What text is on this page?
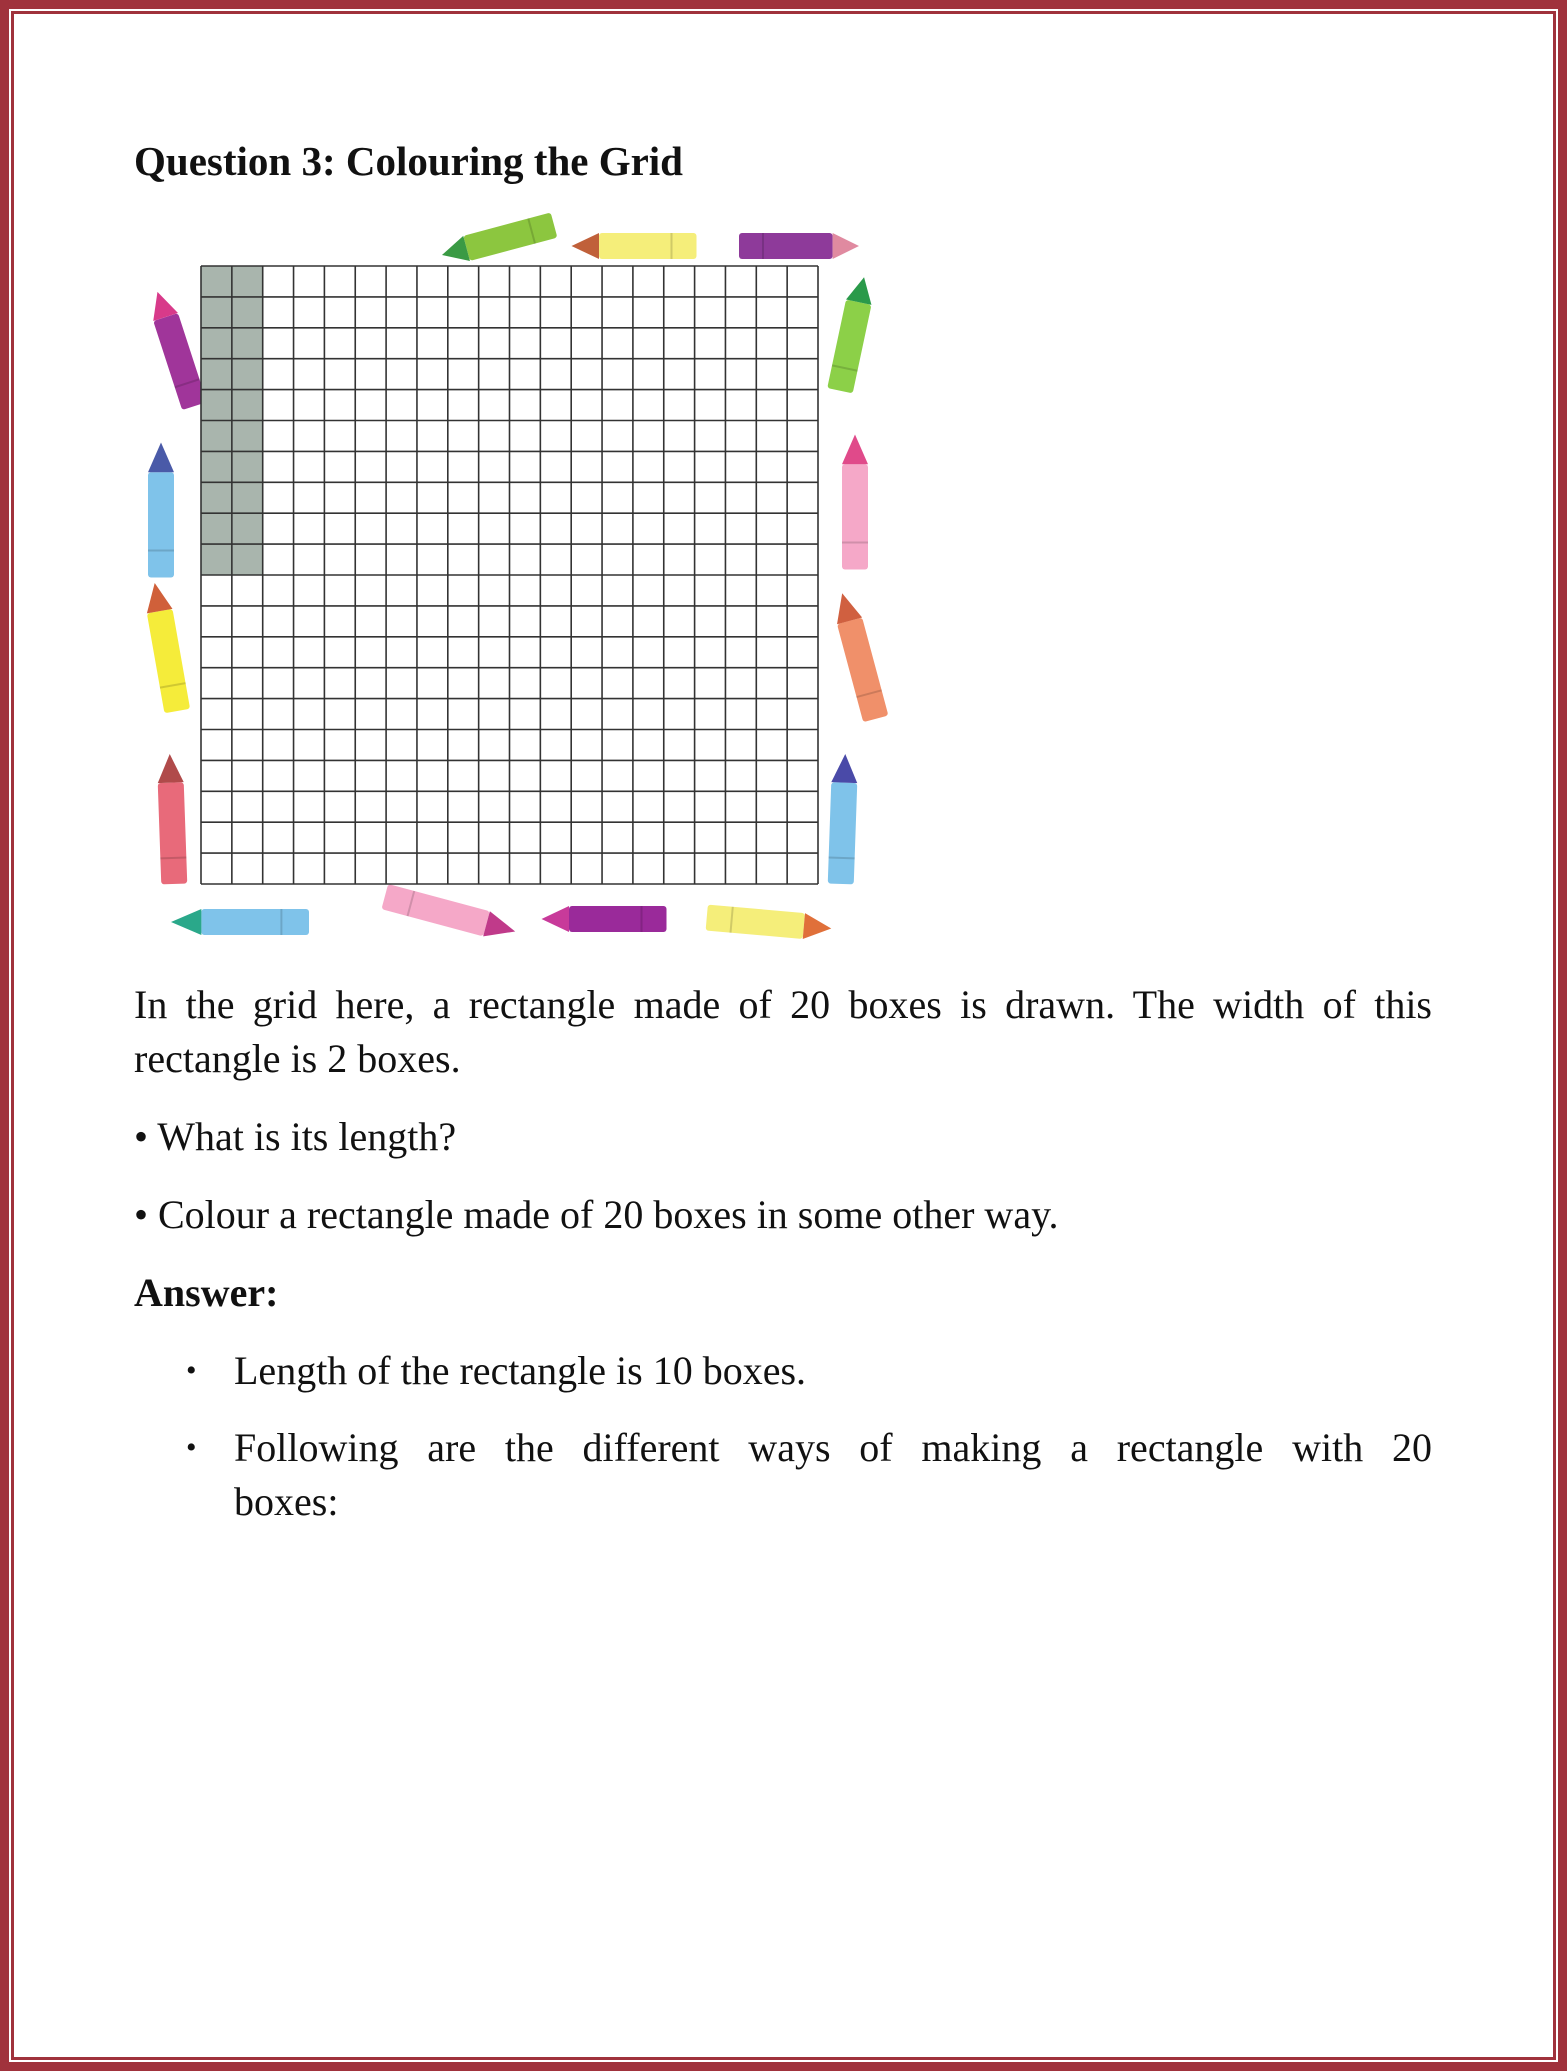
Question 3: Colouring the Grid

In the grid here, a rectangle made of 20 boxes is drawn. The width of this rectangle is 2 boxes.

• What is its length?

• Colour a rectangle made of 20 boxes in some other way.

Answer:

• Length of the rectangle is 10 boxes.
• Following are the different ways of making a rectangle with 20
boxes:
